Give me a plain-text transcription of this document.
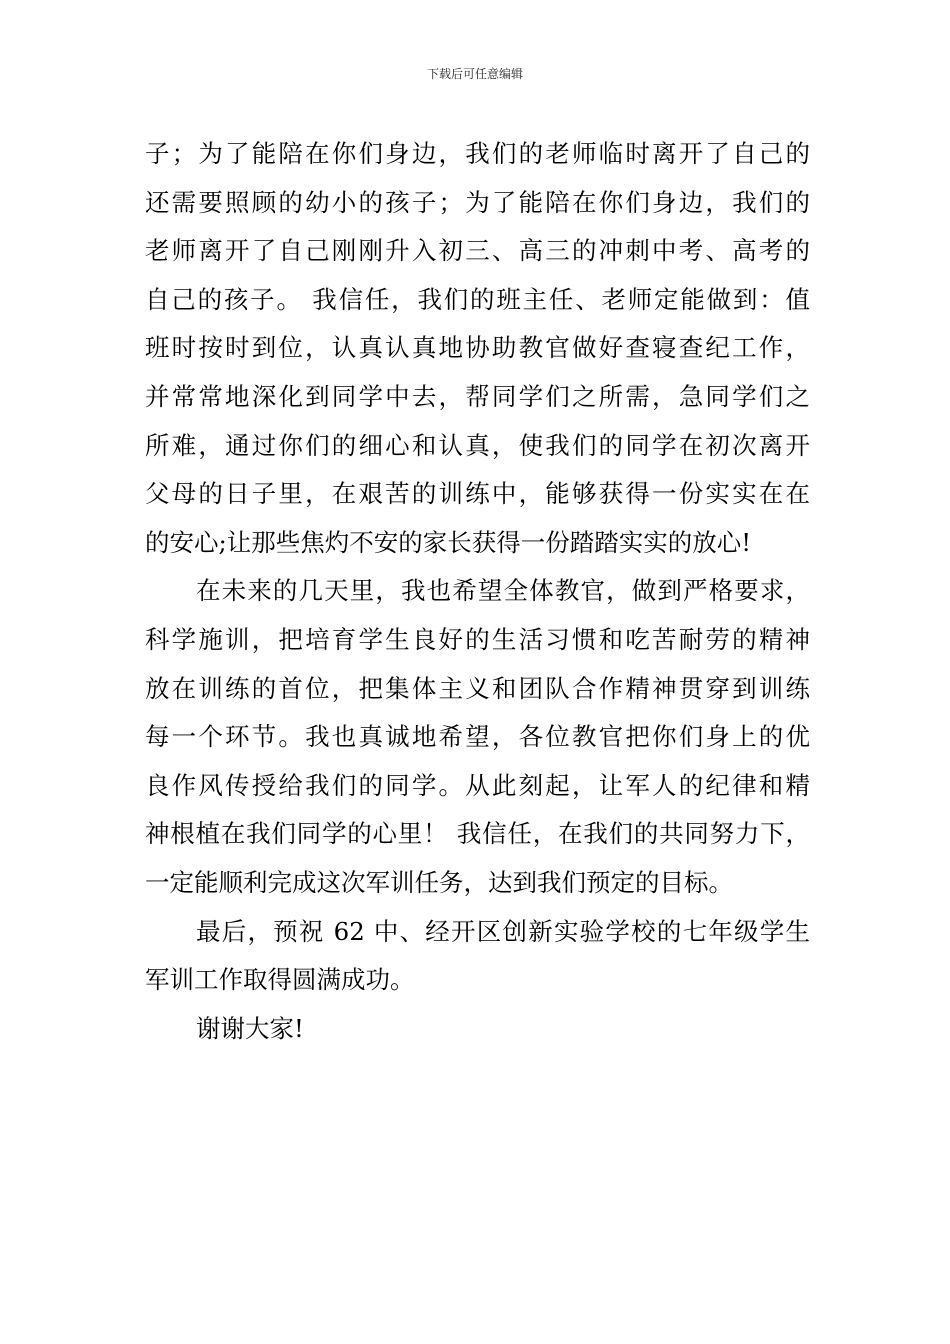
下载后可任意编辑
子；为了能陪在你们身边，我们的老师临时离开了自己的
还需要照顾的幼小的孩子；为了能陪在你们身边，我们的
老师离开了自己刚刚升入初三、高三的冲刺中考、高考的
自己的孩子。 我信任，我们的班主任、老师定能做到：值
班时按时到位，认真认真地协助教官做好查寝查纪工作，
并常常地深化到同学中去，帮同学们之所需，急同学们之
所难，通过你们的细心和认真，使我们的同学在初次离开
父母的日子里，在艰苦的训练中，能够获得一份实实在在
的安心;让那些焦灼不安的家长获得一份踏踏实实的放心!
在未来的几天里，我也希望全体教官，做到严格要求，
科学施训，把培育学生良好的生活习惯和吃苦耐劳的精神
放在训练的首位，把集体主义和团队合作精神贯穿到训练
每一个环节。我也真诚地希望，各位教官把你们身上的优
良作风传授给我们的同学。从此刻起，让军人的纪律和精
神根植在我们同学的心里！ 我信任，在我们的共同努力下，
一定能顺利完成这次军训任务，达到我们预定的目标。
最后，预祝 62 中、经开区创新实验学校的七年级学生
军训工作取得圆满成功。
谢谢大家!
